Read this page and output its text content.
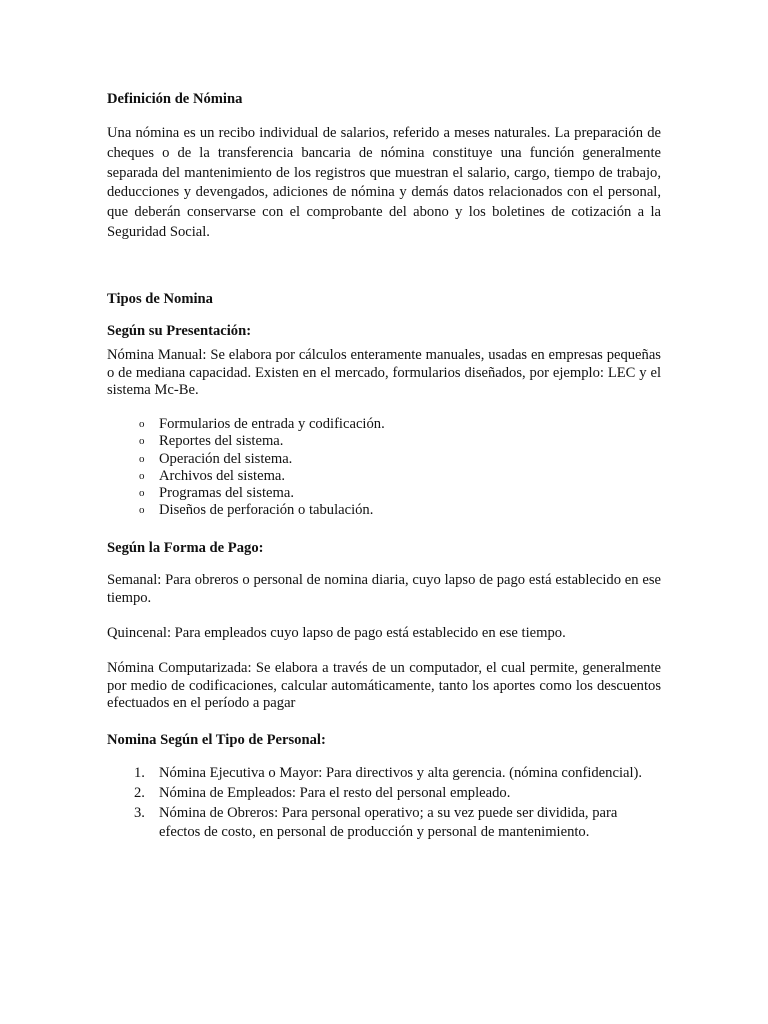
Definición de Nómina

Una nómina es un recibo individual de salarios, referido a meses naturales. La preparación de cheques o de la transferencia bancaria de nómina constituye una función generalmente separada del mantenimiento de los registros que muestran el salario, cargo, tiempo de trabajo, deducciones y devengados, adiciones de nómina y demás datos relacionados con el personal, que deberán conservarse con el comprobante del abono y los boletines de cotización a la Seguridad Social.

Tipos de Nomina
Según su Presentación:

Nómina Manual: Se elabora por cálculos enteramente manuales, usadas en empresas pequeñas o de mediana capacidad. Existen en el mercado, formularios diseñados, por ejemplo: LEC y el sistema Mc-Be.

o Formularios de entrada y codificación.
o Reportes del sistema.
o Operación del sistema.
o Archivos del sistema.
o Programas del sistema.
o Diseños de perforación o tabulación.
Según la Forma de Pago:

Semanal: Para obreros o personal de nomina diaria, cuyo lapso de pago está establecido en ese tiempo.

Quincenal: Para empleados cuyo lapso de pago está establecido en ese tiempo.

Nómina Computarizada: Se elabora a través de un computador, el cual permite, generalmente por medio de codificaciones, calcular automáticamente, tanto los aportes como los descuentos efectuados en el período a pagar

Nomina Según el Tipo de Personal:
1. Nómina Ejecutiva o Mayor: Para directivos y alta gerencia. (nómina confidencial).
2. Nómina de Empleados: Para el resto del personal empleado.
3. Nómina de Obreros: Para personal operativo; a su vez puede ser dividida, para efectos de costo, en personal de producción y personal de mantenimiento.
